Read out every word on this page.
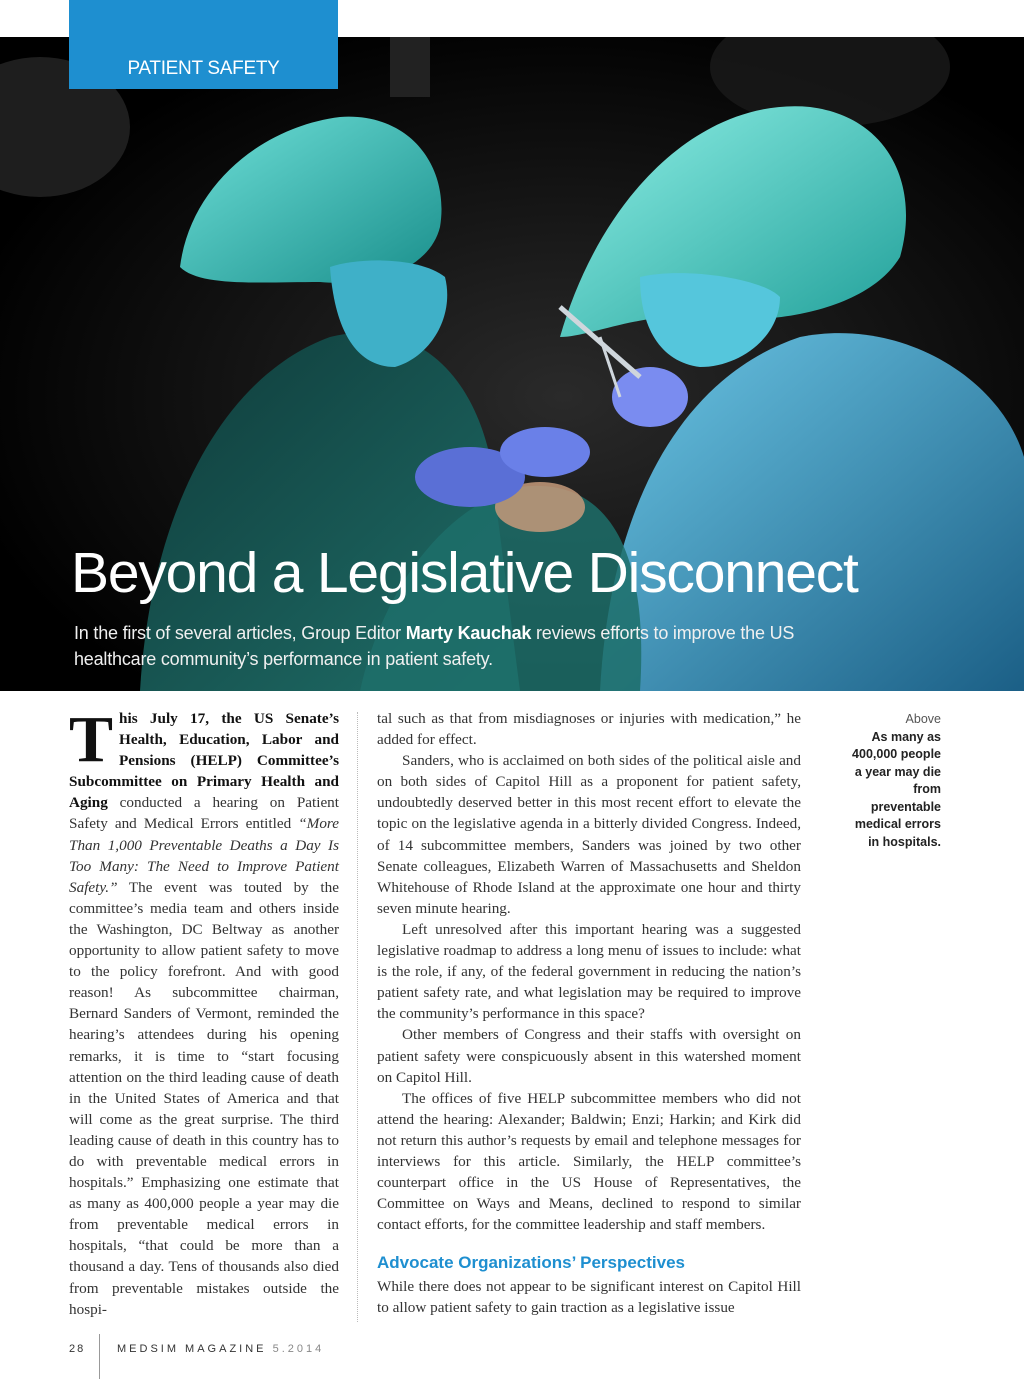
PATIENT SAFETY
Beyond a Legislative Disconnect
In the first of several articles, Group Editor Marty Kauchak reviews efforts to improve the US healthcare community’s performance in patient safety.

This July 17, the US Senate’s Health, Education, Labor and Pensions (HELP) Committee’s Subcommittee on Primary Health and Aging conducted a hearing on Patient Safety and Medical Errors entitled “More Than 1,000 Preventable Deaths a Day Is Too Many: The Need to Improve Patient Safety.” The event was touted by the committee’s media team and others inside the Washington, DC Beltway as another opportunity to allow patient safety to move to the policy forefront. And with good reason! As subcommittee chairman, Bernard Sanders of Vermont, reminded the hearing’s attendees during his opening remarks, it is time to “start focusing attention on the third leading cause of death in the United States of America and that will come as the great surprise. The third leading cause of death in this country has to do with preventable medical errors in hospitals.” Emphasizing one estimate that as many as 400,000 people a year may die from preventable medical errors in hospitals, “that could be more than a thousand a day. Tens of thousands also died from preventable mistakes outside the hospi-

tal such as that from misdiagnoses or injuries with medication,” he added for effect.

Sanders, who is acclaimed on both sides of the political aisle and on both sides of Capitol Hill as a proponent for patient safety, undoubtedly deserved better in this most recent effort to elevate the topic on the legislative agenda in a bitterly divided Congress. Indeed, of 14 subcommittee members, Sanders was joined by two other Senate colleagues, Elizabeth Warren of Massachusetts and Sheldon Whitehouse of Rhode Island at the approximate one hour and thirty seven minute hearing.

Left unresolved after this important hearing was a suggested legislative roadmap to address a long menu of issues to include: what is the role, if any, of the federal government in reducing the nation’s patient safety rate, and what legislation may be required to improve the community’s performance in this space?

Other members of Congress and their staffs with oversight on patient safety were conspicuously absent in this watershed moment on Capitol Hill.

The offices of five HELP subcommittee members who did not attend the hearing: Alexander; Baldwin; Enzi; Harkin; and Kirk did not return this author’s requests by email and telephone messages for interviews for this article. Similarly, the HELP committee’s counterpart office in the US House of Representatives, the Committee on Ways and Means, declined to respond to similar contact efforts, for the committee leadership and staff members.

Advocate Organizations’ Perspectives

While there does not appear to be significant interest on Capitol Hill to allow patient safety to gain traction as a legislative issue

Above
As many as 400,000 people a year may die from preventable medical errors in hospitals.
28	MEDSIM MAGAZINE 5.2014
